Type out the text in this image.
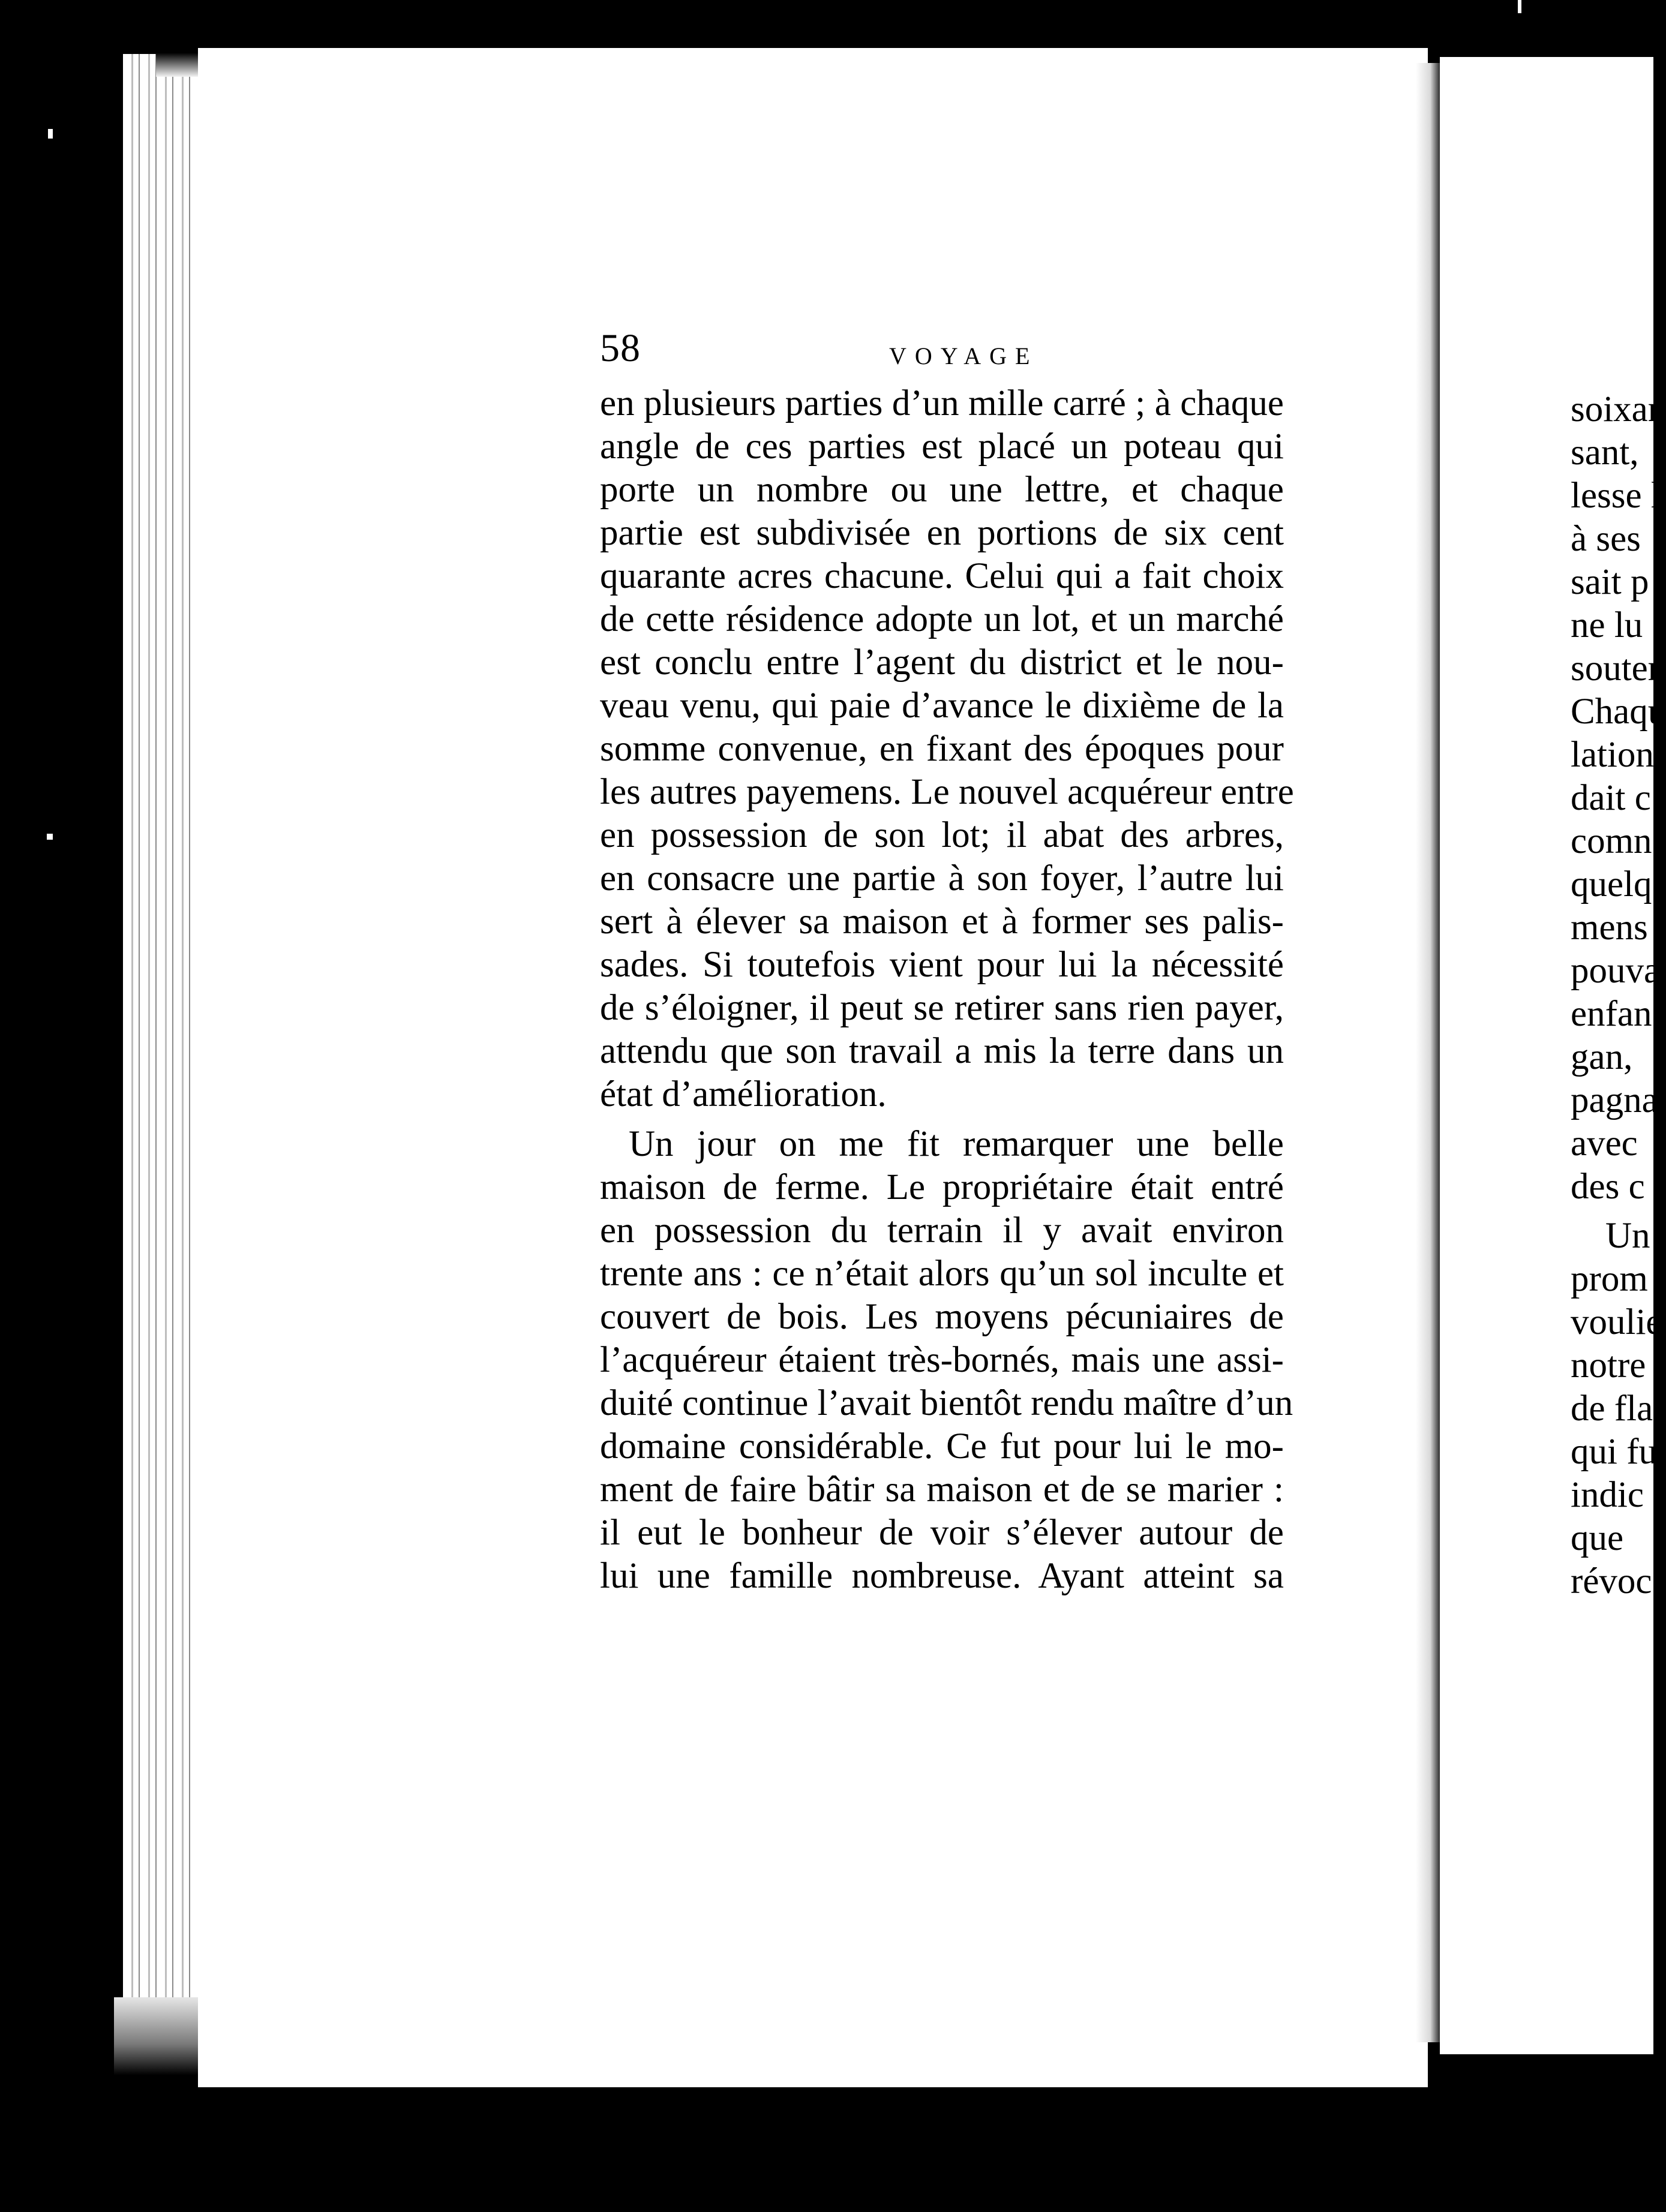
58	VOYAGE
en plusieurs parties d’un mille carré ; à chaque
angle de ces parties est placé un poteau qui
porte un nombre ou une lettre, et chaque
partie est subdivisée en portions de six cent
quarante acres chacune. Celui qui a fait choix
de cette résidence adopte un lot, et un marché
est conclu entre l’agent du district et le nou-
veau venu, qui paie d’avance le dixième de la
somme convenue, en fixant des époques pour
les autres payemens. Le nouvel acquéreur entre
en possession de son lot; il abat des arbres,
en consacre une partie à son foyer, l’autre lui
sert à élever sa maison et à former ses palis-
sades. Si toutefois vient pour lui la nécessité
de s’éloigner, il peut se retirer sans rien payer,
attendu que son travail a mis la terre dans un
état d’amélioration.
Un jour on me fit remarquer une belle
maison de ferme. Le propriétaire était entré
en possession du terrain il y avait environ
trente ans : ce n’était alors qu’un sol inculte et
couvert de bois. Les moyens pécuniaires de
l’acquéreur étaient très-bornés, mais une assi-
duité continue l’avait bientôt rendu maître d’un
domaine considérable. Ce fut pour lui le mo-
ment de faire bâtir sa maison et de se marier :
il eut le bonheur de voir s’élever autour de
lui une famille nombreuse. Ayant atteint sa
soixan
sant,
lesse l
à ses
sait p
ne lu
souter
Chaqu
lation
dait c
comn
quelq
mens
pouva
enfan
gan,
pagna
avec
des c
Un
prom
voulie
notre
de fla
qui fu
indic
que
révoc
